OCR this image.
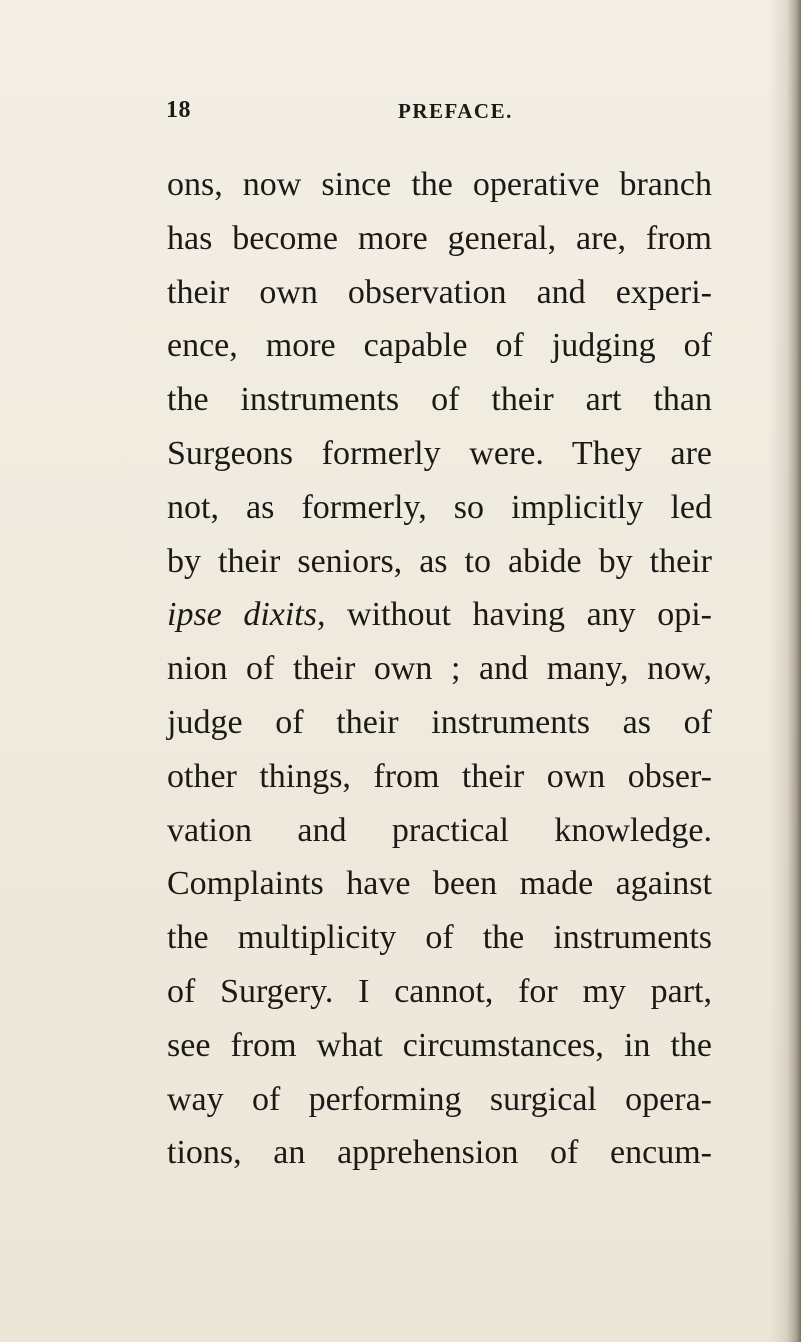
18	PREFACE.
ons, now since the operative branch
has become more general, are, from
their own observation and experi-
ence, more capable of judging of
the instruments of their art than
Surgeons formerly were. They are
not, as formerly, so implicitly led
by their seniors, as to abide by their
ipse dixits, without having any opi-
nion of their own ; and many, now,
judge of their instruments as of
other things, from their own obser-
vation and practical knowledge.
Complaints have been made against
the multiplicity of the instruments
of Surgery. I cannot, for my part,
see from what circumstances, in the
way of performing surgical opera-
tions, an apprehension of encum-
